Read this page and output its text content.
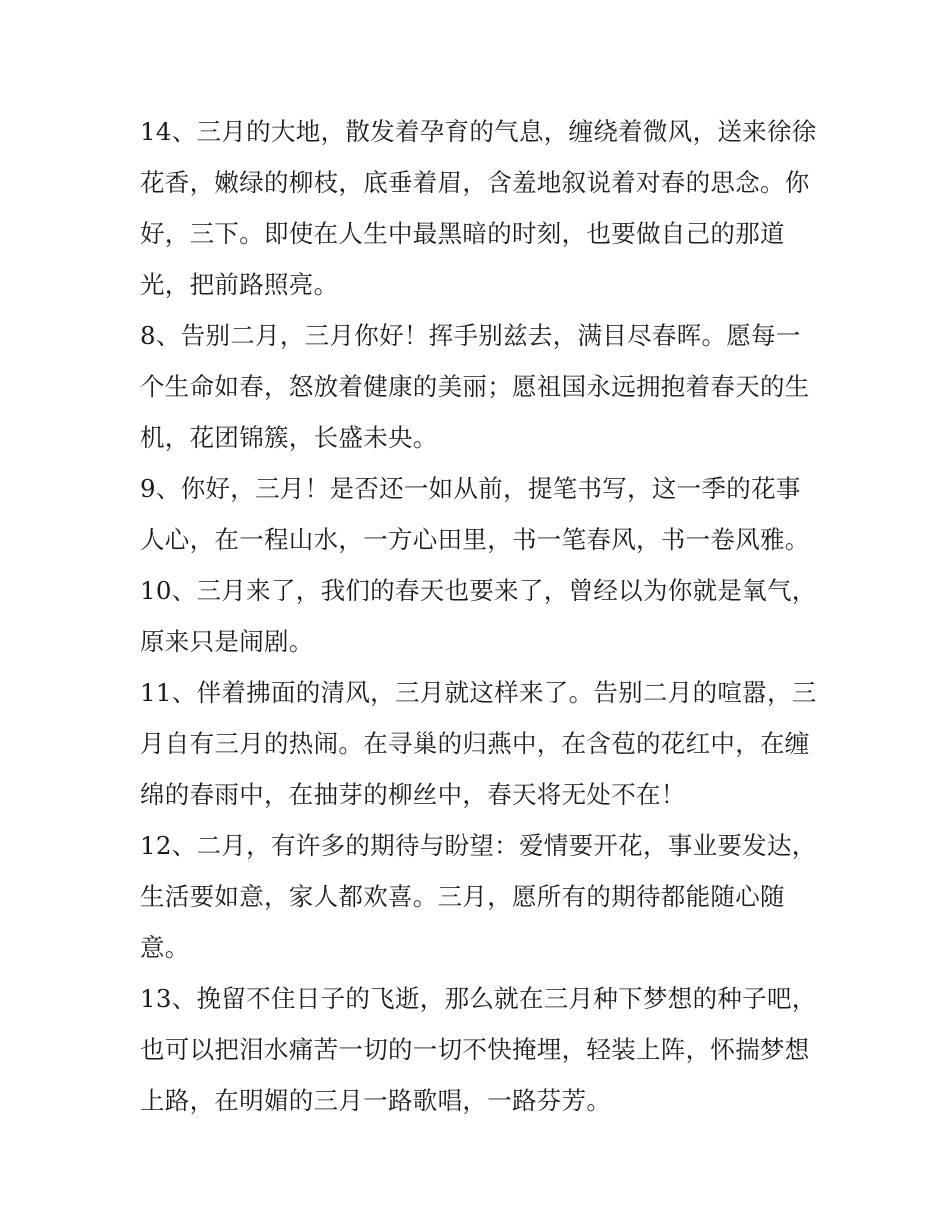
14、三月的大地，散发着孕育的气息，缠绕着微风，送来徐徐
花香，嫩绿的柳枝，底垂着眉，含羞地叙说着对春的思念。你
好，三下。即使在人生中最黑暗的时刻，也要做自己的那道
光，把前路照亮。
8、告别二月，三月你好！挥手别兹去，满目尽春晖。愿每一
个生命如春，怒放着健康的美丽；愿祖国永远拥抱着春天的生
机，花团锦簇，长盛未央。
9、你好，三月！是否还一如从前，提笔书写，这一季的花事
人心，在一程山水，一方心田里，书一笔春风，书一卷风雅。
10、三月来了，我们的春天也要来了，曾经以为你就是氧气，
原来只是闹剧。
11、伴着拂面的清风，三月就这样来了。告别二月的喧嚣，三
月自有三月的热闹。在寻巢的归燕中，在含苞的花红中，在缠
绵的春雨中，在抽芽的柳丝中，春天将无处不在！
12、二月，有许多的期待与盼望：爱情要开花，事业要发达，
生活要如意，家人都欢喜。三月，愿所有的期待都能随心随
意。
13、挽留不住日子的飞逝，那么就在三月种下梦想的种子吧，
也可以把泪水痛苦一切的一切不快掩埋，轻装上阵，怀揣梦想
上路，在明媚的三月一路歌唱，一路芬芳。
